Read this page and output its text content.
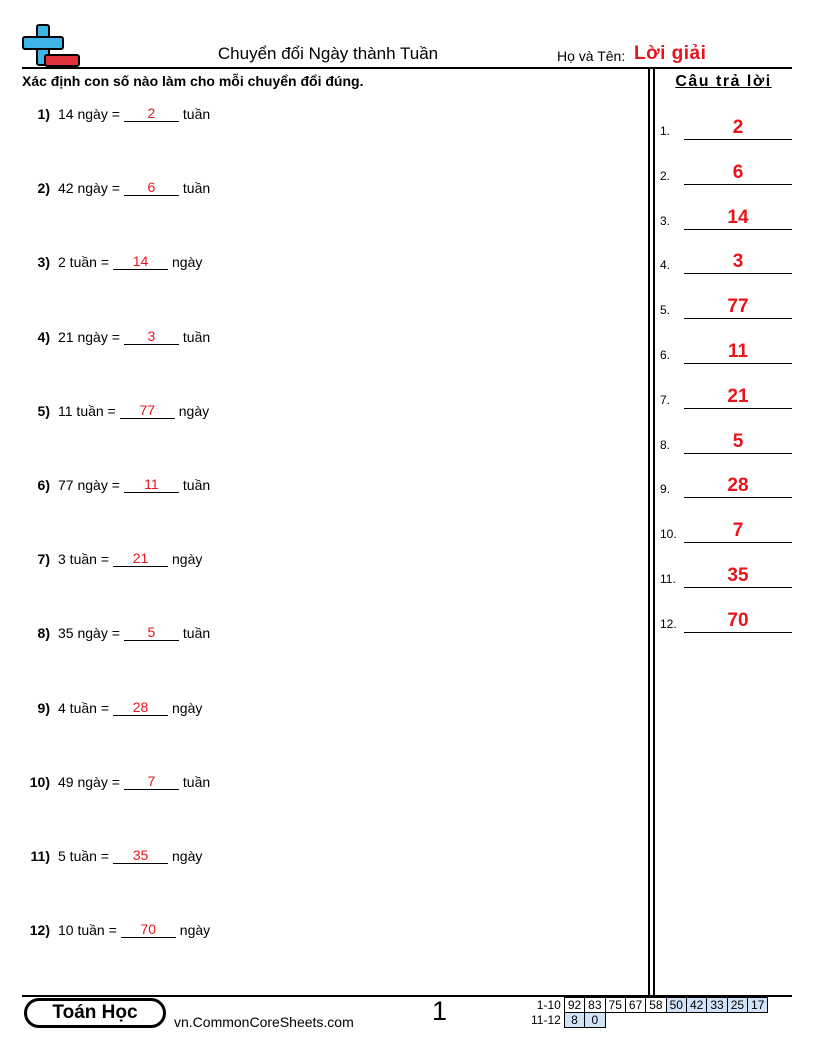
Chuyển đổi Ngày thành Tuần	Họ và Tên: Lời giải
Xác định con số nào làm cho mỗi chuyển đổi đúng.	Câu trả lời
1) 14 ngày =	2	tuần
2) 42 ngày =	6	tuần
3) 2 tuần =	14	ngày
4) 21 ngày =	3	tuần
5) 11 tuần =	77	ngày
6) 77 ngày =	11	tuần
7) 3 tuần =	21	ngày
8) 35 ngày =	5	tuần
9) 4 tuần =	28	ngày
10) 49 ngày =	7	tuần
11) 5 tuần =	35	ngày
12) 10 tuần =	70	ngày
1.	2
2.	6
3.	14
4.	3
5.	77
6.	11
7.	21
8.	5
9.	28
10.	7
11.	35
12.	70
Toán Học	vn.CommonCoreSheets.com	1	1-10	92	83	75	67	58	50	42	33	25	17
11-12	8	0								
